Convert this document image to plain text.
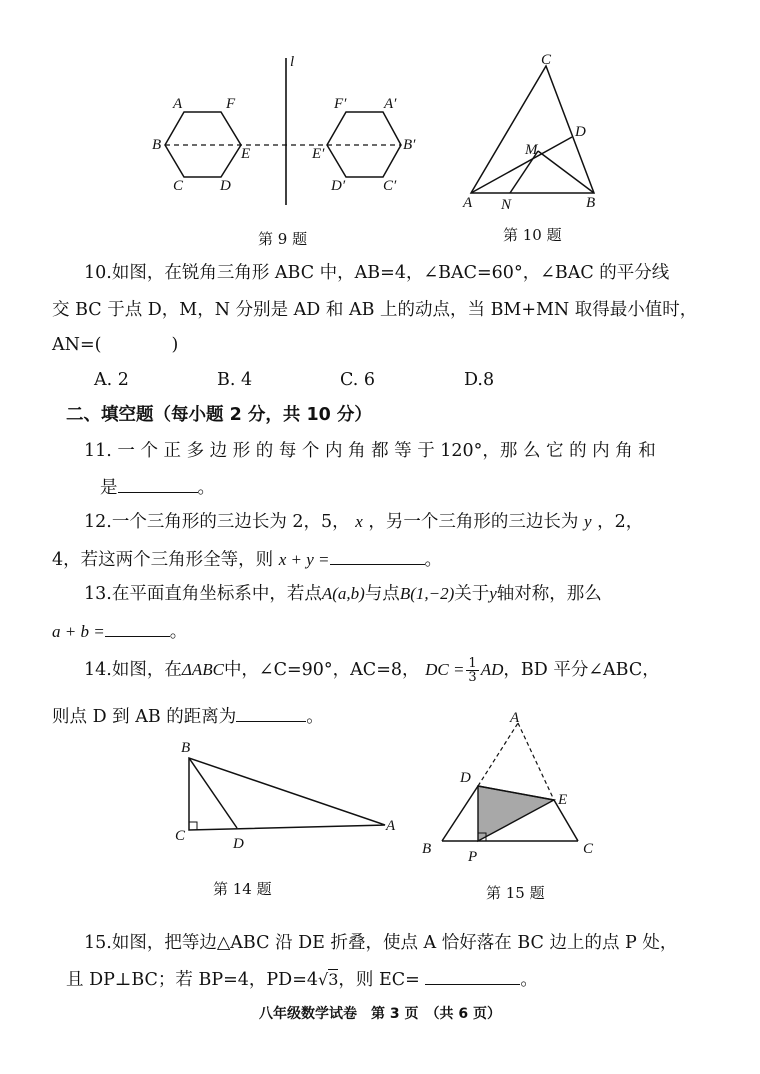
l
A	F
B
E
C D
F′	A′
E′
B′
D′	C′
第 9 题
C
D
M
A N	B
第 10 题
10.如图，在锐角三角形 ABC 中，AB=4，∠BAC=60°，∠BAC 的平分线
交 BC 于点 D，M，N 分别是 AD 和 AB 上的动点，当 BM+MN 取得最小值时，
AN=(　　　　)
A. 2	B. 4	C. 6	D.8
二、填空题（每小题 2 分，共 10 分）
11. 一 个 正 多 边 形 的 每 个 内 角 都 等 于 120°，那 么 它 的 内 角 和
是	。
12.一个三角形的三边长为 2，5， x ，另一个三角形的三边长为 y ，2，
4，若这两个三角形全等，则 x + y =	。
13.在平面直角坐标系中，若点A(a,b)与点B(1,−2)关于y轴对称，那么
a + b =	。
14.如图，在ΔABC中，∠C=90°，AC=8， DC = $\frac{1}{3}$ AD，BD 平分∠ABC，
则点 D 到 AB 的距离为	。
B
C	D
A
第 14 题
A
D
E
B P	C
第 15 题
15.如图，把等边△ABC 沿 DE 折叠，使点 A 恰好落在 BC 边上的点 P 处，
且 DP⊥BC；若 BP=4，PD=4√3，则 EC=	。
八年级数学试卷　第 3 页　（共 6 页）
